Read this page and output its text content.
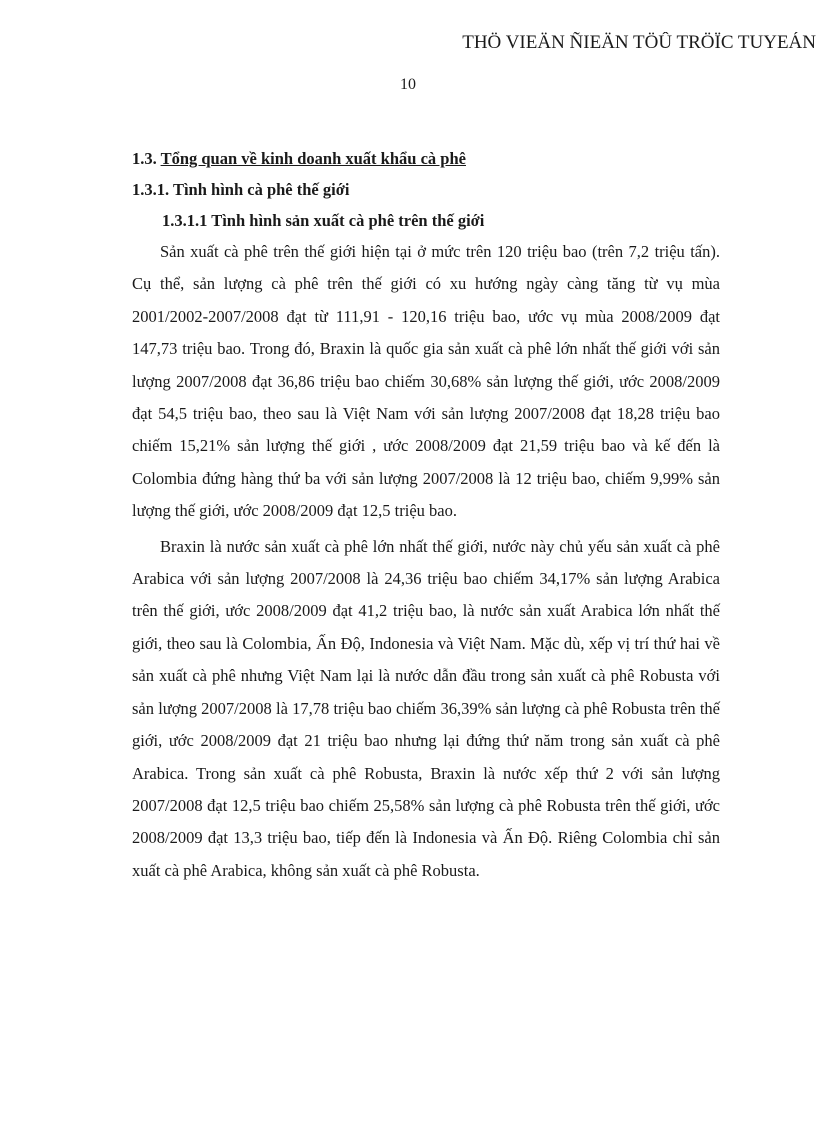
THÖ VIEÄN ÑIEÄN TÖÛ TRÖÏC TUYEÁN
10

1.3. Tổng quan về kinh doanh xuất khẩu cà phê

1.3.1. Tình hình cà phê thế giới

1.3.1.1 Tình hình sản xuất cà phê trên thế giới

Sản xuất cà phê trên thế giới hiện tại ở mức trên 120 triệu bao (trên 7,2 triệu tấn). Cụ thể, sản lượng cà phê trên thế giới có xu hướng ngày càng tăng từ vụ mùa 2001/2002-2007/2008 đạt từ 111,91 - 120,16 triệu bao, ước vụ mùa 2008/2009 đạt 147,73 triệu bao. Trong đó, Braxin là quốc gia sản xuất cà phê lớn nhất thế giới với sản lượng 2007/2008 đạt 36,86 triệu bao chiếm 30,68% sản lượng thế giới, ước 2008/2009 đạt 54,5 triệu bao, theo sau là Việt Nam với sản lượng 2007/2008 đạt 18,28 triệu bao chiếm 15,21% sản lượng thế giới , ước 2008/2009 đạt 21,59 triệu bao và kế đến là Colombia đứng hàng thứ ba với sản lượng 2007/2008 là 12 triệu bao, chiếm 9,99% sản lượng thế giới, ước 2008/2009 đạt 12,5 triệu bao.

Braxin là nước sản xuất cà phê lớn nhất thế giới, nước này chủ yếu sản xuất cà phê Arabica với sản lượng 2007/2008 là 24,36 triệu bao chiếm 34,17% sản lượng Arabica trên thế giới, ước 2008/2009 đạt 41,2 triệu bao, là nước sản xuất Arabica lớn nhất thế giới, theo sau là Colombia, Ấn Độ, Indonesia và Việt Nam. Mặc dù, xếp vị trí thứ hai về sản xuất cà phê nhưng Việt Nam lại là nước dẫn đầu trong sản xuất cà phê Robusta với sản lượng 2007/2008 là 17,78 triệu bao chiếm 36,39% sản lượng cà phê Robusta trên thế giới, ước 2008/2009 đạt 21 triệu bao nhưng lại đứng thứ năm trong sản xuất cà phê Arabica. Trong sản xuất cà phê Robusta, Braxin là nước xếp thứ 2 với sản lượng 2007/2008 đạt 12,5 triệu bao chiếm 25,58% sản lượng cà phê Robusta trên thế giới, ước 2008/2009 đạt 13,3 triệu bao, tiếp đến là Indonesia và Ấn Độ. Riêng Colombia chỉ sản xuất cà phê Arabica, không sản xuất cà phê Robusta.
